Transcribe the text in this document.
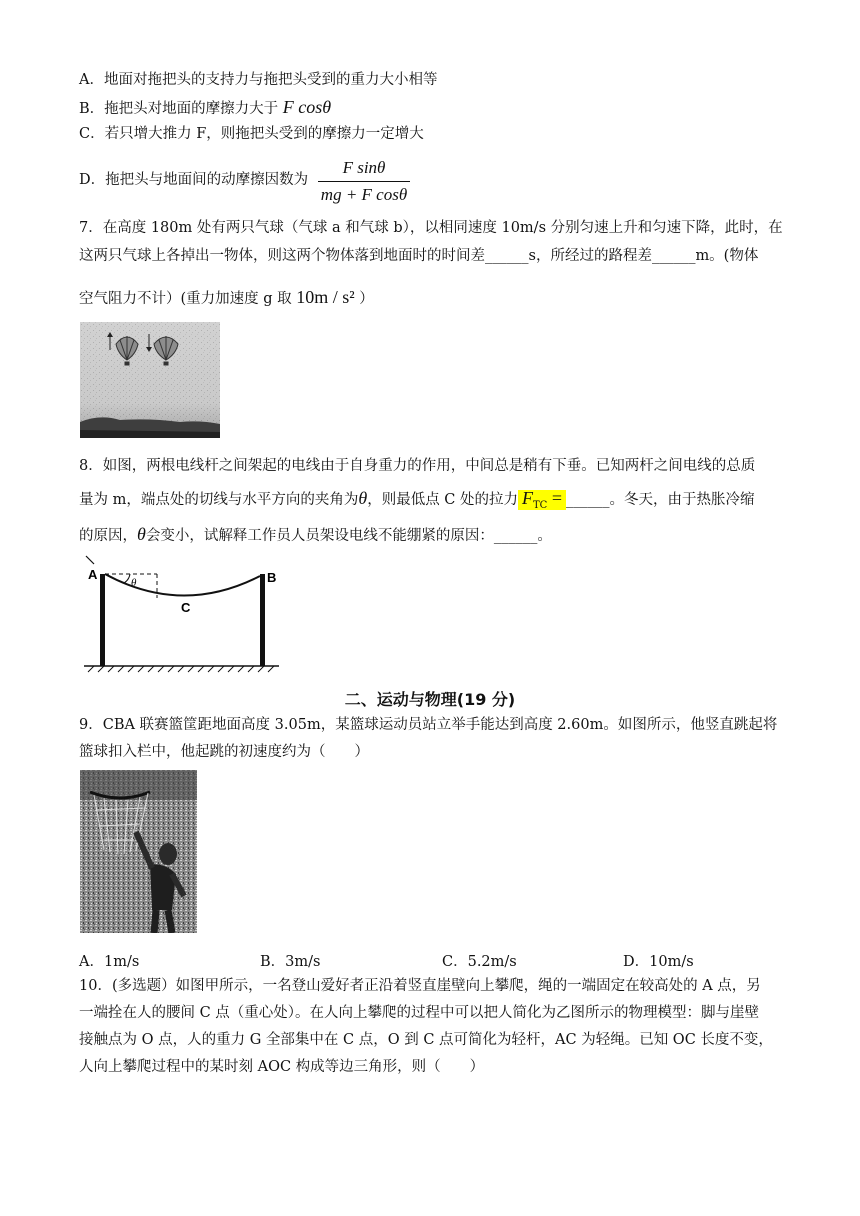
A．地面对拖把头的支持力与拖把头受到的重力大小相等
B．拖把头对地面的摩擦力大于 F cosθ
C．若只增大推力 F，则拖把头受到的摩擦力一定增大
D．拖把头与地面间的动摩擦因数为 $\frac{\text{F sinθ}}{\text{mg + F cosθ}}$
7．在高度 180m 处有两只气球（气球 a 和气球 b），以相同速度 10m/s 分别匀速上升和匀速下降，此时，在
这两只气球上各掉出一物体，则这两个物体落到地面时的时间差______s，所经过的路程差______m。(物体
空气阻力不计）(重力加速度 g 取 10m / s² ）
8．如图，两根电线杆之间架起的电线由于自身重力的作用，中间总是稍有下垂。已知两杆之间电线的总质
量为 m，端点处的切线与水平方向的夹角为θ，则最低点 C 处的拉力 $F_{TC}$ = ______。冬天，由于热胀冷缩
的原因，θ会变小，试解释工作员人员架设电线不能绷紧的原因：______。
A	B
C
θ
二、运动与物理(19 分)
9．CBA 联赛篮筐距地面高度 3.05m，某篮球运动员站立举手能达到高度 2.60m。如图所示，他竖直跳起将
篮球扣入栏中，他起跳的初速度约为（　　）
A．1m/s	B．3m/s	C．5.2m/s	D．10m/s
10．(多选题）如图甲所示，一名登山爱好者正沿着竖直崖壁向上攀爬，绳的一端固定在较高处的 A 点，另
一端拴在人的腰间 C 点（重心处）。在人向上攀爬的过程中可以把人简化为乙图所示的物理模型：脚与崖壁
接触点为 O 点，人的重力 G 全部集中在 C 点，O 到 C 点可简化为轻杆，AC 为轻绳。已知 OC 长度不变，
人向上攀爬过程中的某时刻 AOC 构成等边三角形，则（　　）
